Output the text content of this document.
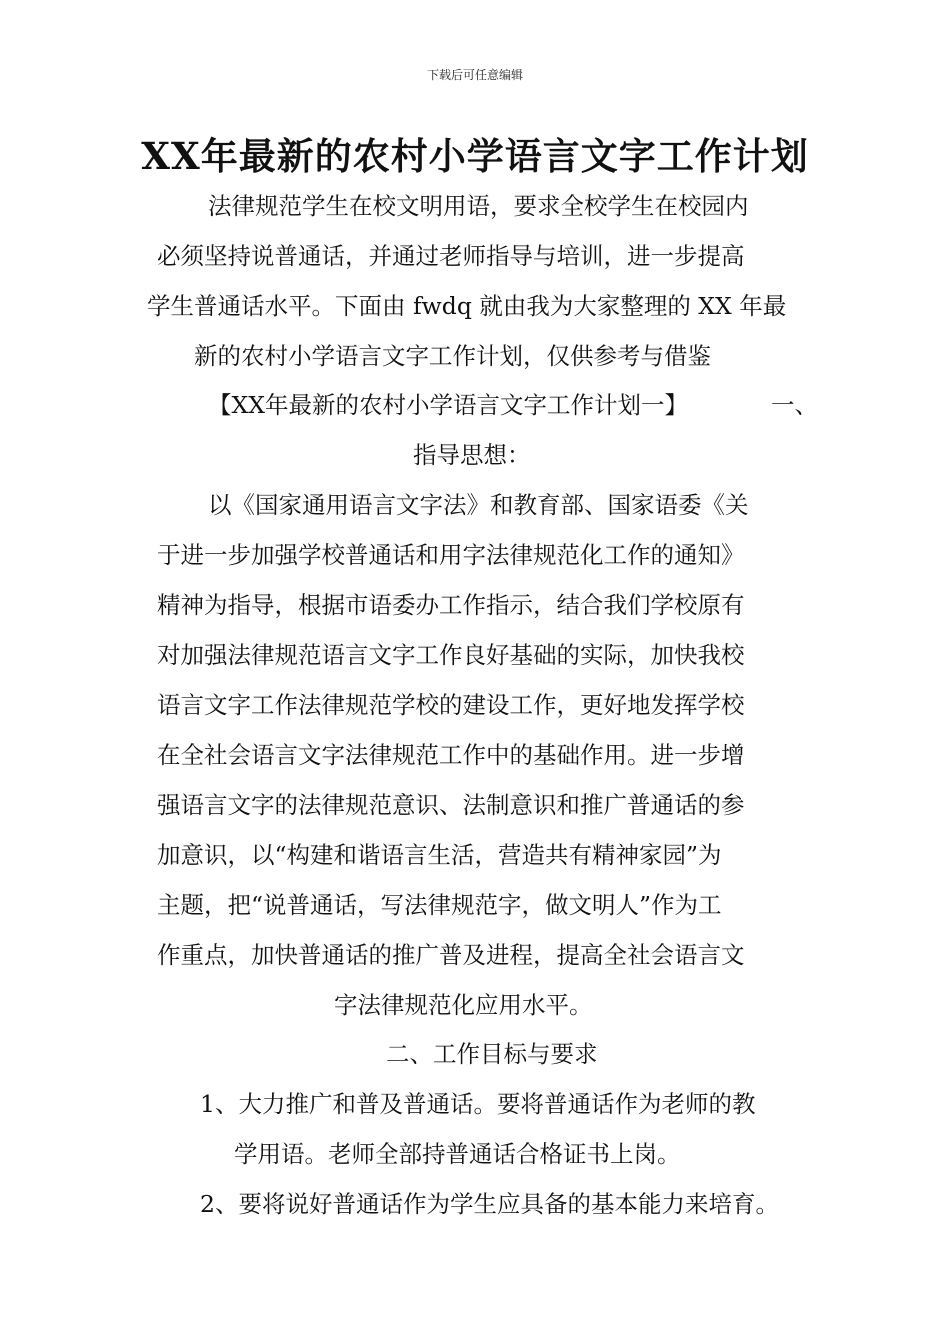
下载后可任意编辑
XX年最新的农村小学语言文字工作计划
法律规范学生在校文明用语，要求全校学生在校园内
必须坚持说普通话，并通过老师指导与培训，进一步提高
学生普通话水平。下面由 fwdq 就由我为大家整理的 XX 年最
新的农村小学语言文字工作计划，仅供参考与借鉴
【XX年最新的农村小学语言文字工作计划一】	一、
指导思想：
以《国家通用语言文字法》和教育部、国家语委《关
于进一步加强学校普通话和用字法律规范化工作的通知》
精神为指导，根据市语委办工作指示，结合我们学校原有
对加强法律规范语言文字工作良好基础的实际，加快我校
语言文字工作法律规范学校的建设工作，更好地发挥学校
在全社会语言文字法律规范工作中的基础作用。进一步增
强语言文字的法律规范意识、法制意识和推广普通话的参
加意识，以“构建和谐语言生活，营造共有精神家园”为
主题，把“说普通话，写法律规范字，做文明人”作为工
作重点，加快普通话的推广普及进程，提高全社会语言文
字法律规范化应用水平。
二、工作目标与要求
1、大力推广和普及普通话。要将普通话作为老师的教
学用语。老师全部持普通话合格证书上岗。
2、要将说好普通话作为学生应具备的基本能力来培育。
